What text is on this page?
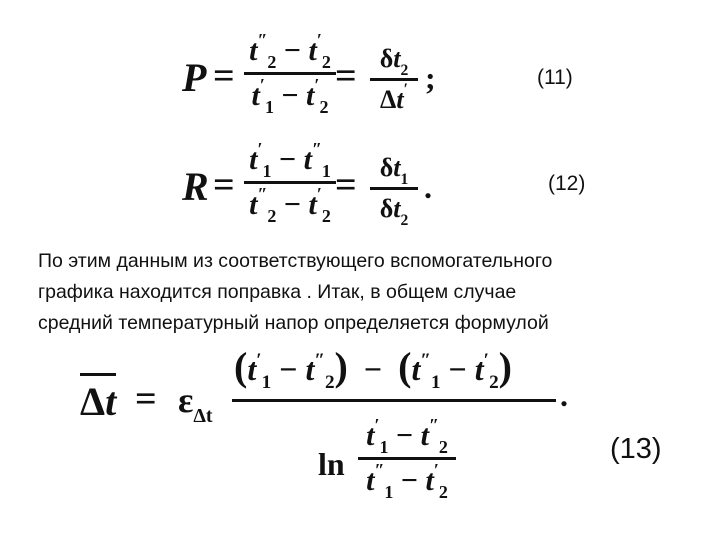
P =
$t''_2 - t'_2$
$t'_1 - t'_2$
= $\delta t_2$
Δt′ ;	(11)
R =
$t'_1 - t''_1$
$t''_2 - t'_2$
= $\delta t_1$
$\delta t_2$
.	(12)
По этим данным из соответствующего вспомогательного
графика находится поправка . Итак, в общем случае
средний температурный напор определяется формулой
$\Delta t = \varepsilon_{\Delta t}$
$(t'_1 - t''_2) - (t''_1 - t'_2)$
.
ln
$t'_1 - t''_2$
$t''_1 - t'_2$
(13)
